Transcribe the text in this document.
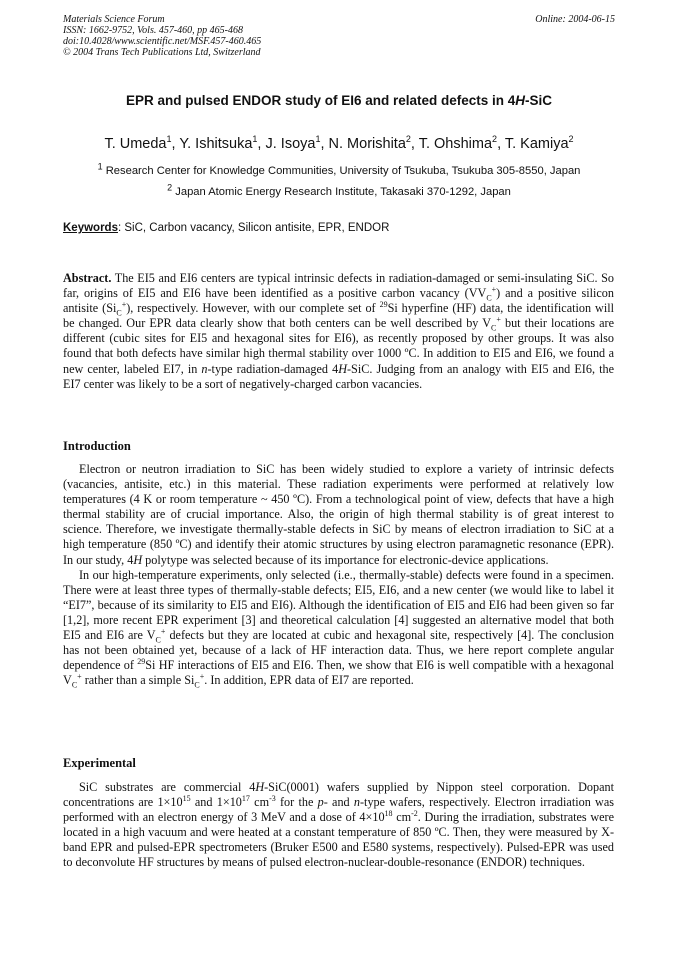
Materials Science Forum
ISSN: 1662-9752, Vols. 457-460, pp 465-468
doi:10.4028/www.scientific.net/MSF.457-460.465
© 2004 Trans Tech Publications Ltd, Switzerland
Online: 2004-06-15
EPR and pulsed ENDOR study of EI6 and related defects in 4H-SiC
T. Umeda$^1$, Y. Ishitsuka$^1$, J. Isoya$^1$, N. Morishita$^2$, T. Ohshima$^2$, T. Kamiya$^2$
$^1$ Research Center for Knowledge Communities, University of Tsukuba, Tsukuba 305-8550, Japan
$^2$ Japan Atomic Energy Research Institute, Takasaki 370-1292, Japan
Keywords: SiC, Carbon vacancy, Silicon antisite, EPR, ENDOR

Abstract. The EI5 and EI6 centers are typical intrinsic defects in radiation-damaged or semi-insulating SiC. So far, origins of EI5 and EI6 have been identified as a positive carbon vacancy $(VV_C^+)$ and a positive silicon antisite $(Si_C^+)$, respectively. However, with our complete set of $^{29}$Si hyperfine (HF) data, the identification will be changed. Our EPR data clearly show that both centers can be well described by $V_C^+$ but their locations are different (cubic sites for EI5 and hexagonal sites for EI6), as recently proposed by other groups. It was also found that both defects have similar high thermal stability over 1000 ºC. In addition to EI5 and EI6, we found a new center, labeled EI7, in n-type radiation-damaged 4H-SiC. Judging from an analogy with EI5 and EI6, the EI7 center was likely to be a sort of negatively-charged carbon vacancies.

Introduction

Electron or neutron irradiation to SiC has been widely studied to explore a variety of intrinsic defects (vacancies, antisite, etc.) in this material. These radiation experiments were performed at relatively low temperatures (4 K or room temperature ~ 450 ºC). From a technological point of view, defects that have a high thermal stability are of crucial importance. Also, the origin of high thermal stability is of great interest to science. Therefore, we investigate thermally-stable defects in SiC by means of electron irradiation to SiC at a high temperature (850 ºC) and identify their atomic structures by using electron paramagnetic resonance (EPR). In our study, 4H polytype was selected because of its importance for electronic-device applications.

In our high-temperature experiments, only selected (i.e., thermally-stable) defects were found in a specimen. There were at least three types of thermally-stable defects; EI5, EI6, and a new center (we would like to label it “EI7”, because of its similarity to EI5 and EI6). Although the identification of EI5 and EI6 had been given so far [1,2], more recent EPR experiment [3] and theoretical calculation [4] suggested an alternative model that both EI5 and EI6 are $V_C^+$ defects but they are located at cubic and hexagonal site, respectively [4]. The conclusion has not been obtained yet, because of a lack of HF interaction data. Thus, we here report complete angular dependence of $^{29}$Si HF interactions of EI5 and EI6. Then, we show that EI6 is well compatible with a hexagonal $V_C^+$ rather than a simple $Si_C^+$. In addition, EPR data of EI7 are reported.

Experimental

SiC substrates are commercial 4H-SiC(0001) wafers supplied by Nippon steel corporation. Dopant concentrations are $1\times 10^{15}$ and $1\times 10^{17}$ $cm^{-3}$ for the p- and n-type wafers, respectively. Electron irradiation was performed with an electron energy of 3 MeV and a dose of $4\times 10^{18}$ $cm^{-2}$. During the irradiation, substrates were located in a high vacuum and were heated at a constant temperature of 850 ºC. Then, they were measured by X-band EPR and pulsed-EPR spectrometers (Bruker E500 and E580 systems, respectively). Pulsed-EPR was used to deconvolute HF structures by means of pulsed electron-nuclear-double-resonance (ENDOR) techniques.
